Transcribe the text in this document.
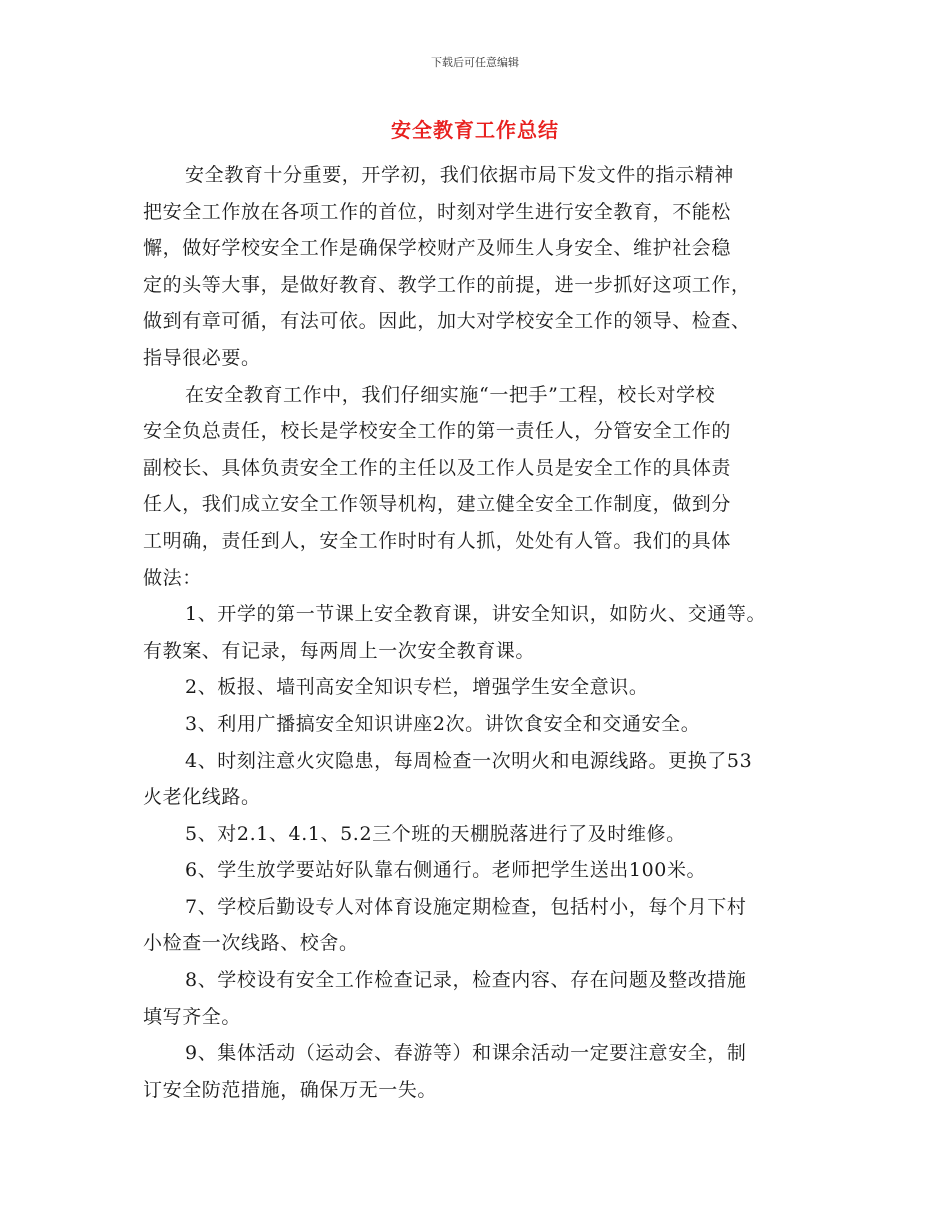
下载后可任意编辑
安全教育工作总结
安全教育十分重要，开学初，我们依据市局下发文件的指示精神
把安全工作放在各项工作的首位，时刻对学生进行安全教育，不能松
懈，做好学校安全工作是确保学校财产及师生人身安全、维护社会稳
定的头等大事，是做好教育、教学工作的前提，进一步抓好这项工作，
做到有章可循，有法可依。因此，加大对学校安全工作的领导、检查、
指导很必要。
在安全教育工作中，我们仔细实施“一把手”工程，校长对学校
安全负总责任，校长是学校安全工作的第一责任人，分管安全工作的
副校长、具体负责安全工作的主任以及工作人员是安全工作的具体责
任人，我们成立安全工作领导机构，建立健全安全工作制度，做到分
工明确，责任到人，安全工作时时有人抓，处处有人管。我们的具体
做法：
1、开学的第一节课上安全教育课，讲安全知识，如防火、交通等。
有教案、有记录，每两周上一次安全教育课。
2、板报、墙刊高安全知识专栏，增强学生安全意识。
3、利用广播搞安全知识讲座2次。讲饮食安全和交通安全。
4、时刻注意火灾隐患，每周检查一次明火和电源线路。更换了53
火老化线路。
5、对2.1、4.1、5.2三个班的天棚脱落进行了及时维修。
6、学生放学要站好队靠右侧通行。老师把学生送出100米。
7、学校后勤设专人对体育设施定期检查，包括村小，每个月下村
小检查一次线路、校舍。
8、学校设有安全工作检查记录，检查内容、存在问题及整改措施
填写齐全。
9、集体活动（运动会、春游等）和课余活动一定要注意安全，制
订安全防范措施，确保万无一失。
